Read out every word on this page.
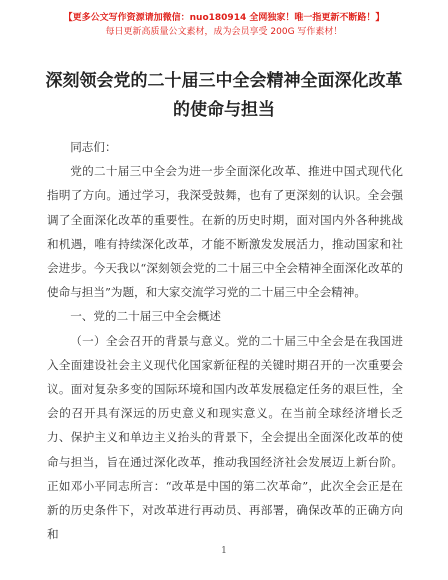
【更多公文写作资源请加微信：nuo180914 全网独家！唯一指更新不断路！】
每日更新高质量公文素材，成为会员享受 200G 写作素材！
深刻领会党的二十届三中全会精神全面深化改革的使命与担当

同志们：

党的二十届三中全会为进一步全面深化改革、推进中国式现代化指明了方向。通过学习，我深受鼓舞，也有了更深刻的认识。全会强调了全面深化改革的重要性。在新的历史时期，面对国内外各种挑战和机遇，唯有持续深化改革，才能不断激发发展活力，推动国家和社会进步。今天我以“深刻领会党的二十届三中全会精神全面深化改革的使命与担当”为题，和大家交流学习党的二十届三中全会精神。

一、党的二十届三中全会概述

（一）全会召开的背景与意义。党的二十届三中全会是在我国进入全面建设社会主义现代化国家新征程的关键时期召开的一次重要会议。面对复杂多变的国际环境和国内改革发展稳定任务的艰巨性，全会的召开具有深远的历史意义和现实意义。在当前全球经济增长乏力、保护主义和单边主义抬头的背景下，全会提出全面深化改革的使命与担当，旨在通过深化改革，推动我国经济社会发展迈上新台阶。正如邓小平同志所言：“改革是中国的第二次革命”，此次全会正是在新的历史条件下，对改革进行再动员、再部署，确保改革的正确方向和

1
